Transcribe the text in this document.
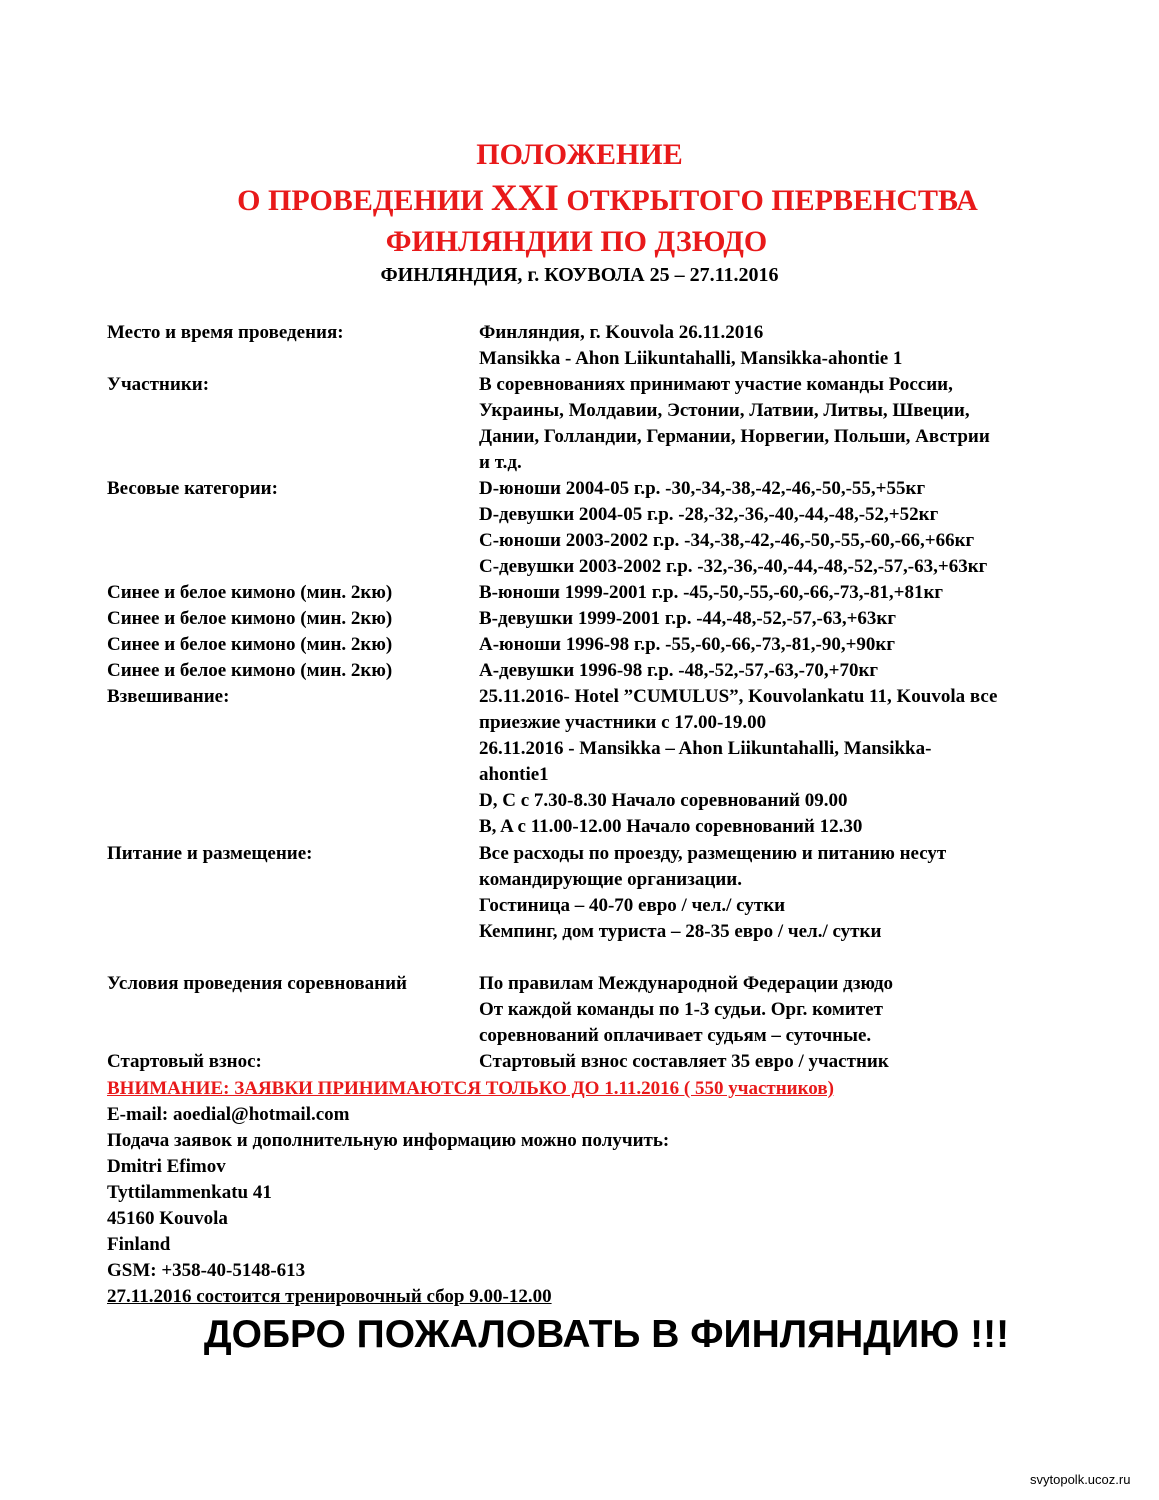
ПОЛОЖЕНИЕ
О ПРОВЕДЕНИИ XXI ОТКРЫТОГО ПЕРВЕНСТВА
ФИНЛЯНДИИ ПО ДЗЮДО
ФИНЛЯНДИЯ, г. КОУВОЛА 25 – 27.11.2016
Место и время проведения:	Финляндия, г. Kouvola 26.11.2016
Mansikka - Ahon Liikuntahalli, Mansikka-ahontie 1
Участники:	В соревнованиях принимают участие команды России,
Украины, Молдавии, Эстонии, Латвии, Литвы, Швеции,
Дании, Голландии, Германии, Норвегии, Польши, Австрии
и т.д.
Весовые категории:	D-юноши 2004-05 г.р. -30,-34,-38,-42,-46,-50,-55,+55кг
D-девушки 2004-05 г.р. -28,-32,-36,-40,-44,-48,-52,+52кг
С-юноши 2003-2002 г.р. -34,-38,-42,-46,-50,-55,-60,-66,+66кг
С-девушки 2003-2002 г.р. -32,-36,-40,-44,-48,-52,-57,-63,+63кг
Синее и белое кимоно (мин. 2кю)	В-юноши 1999-2001 г.р. -45,-50,-55,-60,-66,-73,-81,+81кг
Синее и белое кимоно (мин. 2кю)	В-девушки 1999-2001 г.р. -44,-48,-52,-57,-63,+63кг
Синее и белое кимоно (мин. 2кю)	А-юноши 1996-98 г.р. -55,-60,-66,-73,-81,-90,+90кг
Синее и белое кимоно (мин. 2кю)	А-девушки 1996-98 г.р. -48,-52,-57,-63,-70,+70кг
Взвешивание:	25.11.2016- Hotel ”CUMULUS”, Kouvolankatu 11, Kouvola все
приезжие участники с 17.00-19.00
26.11.2016 - Mansikka – Ahon Liikuntahalli, Mansikka-
ahontie1
D, C с 7.30-8.30 Начало соревнований 09.00
B, A с 11.00-12.00 Начало соревнований 12.30
Питание и размещение:	Все расходы по проезду, размещению и питанию несут
командирующие организации.
Гостиница – 40-70 евро / чел./ сутки
Кемпинг, дом туриста – 28-35 евро / чел./ сутки
Условия проведения соревнований	По правилам Международной Федерации дзюдо
От каждой команды по 1-3 судьи. Орг. комитет
соревнований оплачивает судьям – суточные.
Стартовый взнос:	Стартовый взнос составляет 35 евро / участник
ВНИМАНИЕ: ЗАЯВКИ ПРИНИМАЮТСЯ ТОЛЬКО ДО 1.11.2016 ( 550 участников)
E-mail: aoedial@hotmail.com
Подача заявок и дополнительную информацию можно получить:
Dmitri Efimov
Tyttilammenkatu 41
45160 Kouvola
Finland
GSM: +358-40-5148-613
27.11.2016 состоится тренировочный сбор 9.00-12.00
ДОБРО ПОЖАЛОВАТЬ В ФИНЛЯНДИЮ !!!
svytopolk.ucoz.ru
